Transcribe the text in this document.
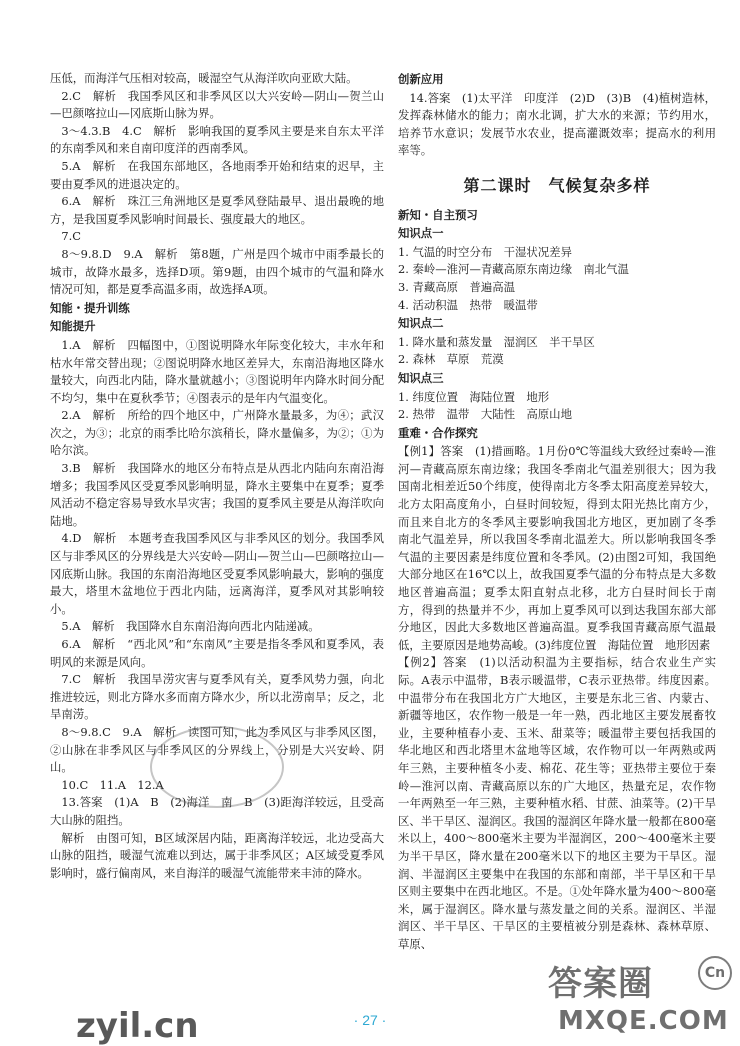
压低，而海洋气压相对较高，暖湿空气从海洋吹向亚欧大陆。

2.C　解析　我国季风区和非季风区以大兴安岭—阴山—贺兰山—巴颜喀拉山—冈底斯山脉为界。

3～4.3.B　4.C　解析　影响我国的夏季风主要是来自东太平洋的东南季风和来自南印度洋的西南季风。

5.A　解析　在我国东部地区，各地雨季开始和结束的迟早，主要由夏季风的进退决定的。

6.A　解析　珠江三角洲地区是夏季风登陆最早、退出最晚的地方，是我国夏季风影响时间最长、强度最大的地区。

7.C

8～9.8.D　9.A　解析　第8题，广州是四个城市中雨季最长的城市，故降水最多，选择D项。第9题，由四个城市的气温和降水情况可知，都是夏季高温多雨，故选择A项。

知能・提升训练

知能提升

1.A　解析　四幅图中，①图说明降水年际变化较大，丰水年和枯水年常交替出现；②图说明降水地区差异大，东南沿海地区降水量较大，向西北内陆，降水量就越小；③图说明年内降水时间分配不均匀，集中在夏秋季节；④图表示的是年内气温变化。

2.A　解析　所给的四个地区中，广州降水量最多，为④；武汉次之，为③；北京的雨季比哈尔滨稍长，降水量偏多，为②；①为哈尔滨。

3.B　解析　我国降水的地区分布特点是从西北内陆向东南沿海增多；我国季风区受夏季风影响明显，降水主要集中在夏季；夏季风活动不稳定容易导致水旱灾害；我国的夏季风主要是从海洋吹向陆地。

4.D　解析　本题考查我国季风区与非季风区的划分。我国季风区与非季风区的分界线是大兴安岭—阴山—贺兰山—巴颜喀拉山—冈底斯山脉。我国的东南沿海地区受夏季风影响最大，影响的强度最大，塔里木盆地位于西北内陆，远离海洋，夏季风对其影响较小。

5.A　解析　我国降水自东南沿海向西北内陆递减。

6.A　解析　“西北风”和“东南风”主要是指冬季风和夏季风，表明风的来源是风向。

7.C　解析　我国旱涝灾害与夏季风有关，夏季风势力强，向北推进较远，则北方降水多而南方降水少，所以北涝南旱；反之，北旱南涝。

8～9.8.C　9.A　解析　读图可知，此为季风区与非季风区图，②山脉在非季风区与非季风区的分界线上，分别是大兴安岭、阴山。

10.C　11.A　12.A

13.答案　(1)A　B　(2)海洋　南　B　(3)距海洋较远，且受高大山脉的阻挡。

解析　由图可知，B区域深居内陆，距离海洋较远，北边受高大山脉的阻挡，暖湿气流难以到达，属于非季风区；A区域受夏季风影响时，盛行偏南风，来自海洋的暖湿气流能带来丰沛的降水。

创新应用

14.答案　(1)太平洋　印度洋　(2)D　(3)B　(4)植树造林，发挥森林储水的能力；南水北调，扩大水的来源；节约用水，培养节水意识；发展节水农业，提高灌溉效率；提高水的利用率等。

第二课时　气候复杂多样

新知・自主预习

知识点一

1. 气温的时空分布　干湿状况差异

2. 秦岭—淮河—青藏高原东南边缘　南北气温

3. 青藏高原　普遍高温

4. 活动积温　热带　暖温带

知识点二

1. 降水量和蒸发量　湿润区　半干旱区

2. 森林　草原　荒漠

知识点三

1. 纬度位置　海陆位置　地形

2. 热带　温带　大陆性　高原山地

重难・合作探究

【例1】答案　(1)措画略。1月份0℃等温线大致经过秦岭—淮河—青藏高原东南边缘；我国冬季南北气温差别很大；因为我国南北相差近50个纬度，使得南北方冬季太阳高度差异较大，北方太阳高度角小，白昼时间较短，得到太阳光热比南方少，而且来自北方的冬季风主要影响我国北方地区，更加剧了冬季南北气温差异，所以我国冬季南北温差大。所以影响我国冬季气温的主要因素是纬度位置和冬季风。(2)由图2可知，我国绝大部分地区在16℃以上，故我国夏季气温的分布特点是大多数地区普遍高温；夏季太阳直射点北移，北方白昼时间长于南方，得到的热量并不少，再加上夏季风可以到达我国东部大部分地区，因此大多数地区普遍高温。夏季我国青藏高原气温最低，主要原因是地势高峻。(3)纬度位置　海陆位置　地形因素

【例2】答案　(1)以活动积温为主要指标，结合农业生产实际。A表示中温带，B表示暖温带，C表示亚热带。纬度因素。中温带分布在我国北方广大地区，主要是东北三省、内蒙古、新疆等地区，农作物一般是一年一熟，西北地区主要发展畜牧业，主要种植春小麦、玉米、甜菜等；暖温带主要包括我国的华北地区和西北塔里木盆地等区域，农作物可以一年两熟或两年三熟，主要种植冬小麦、棉花、花生等；亚热带主要位于秦岭—淮河以南、青藏高原以东的广大地区，热量充足，农作物一年两熟至一年三熟，主要种植水稻、甘蔗、油菜等。(2)干旱区、半干旱区、湿润区。我国的湿润区年降水量一般都在800毫米以上，400～800毫米主要为半湿润区，200～400毫米主要为半干旱区，降水量在200毫米以下的地区主要为干旱区。湿润、半湿润区主要集中在我国的东部和南部，半干旱区和干旱区则主要集中在西北地区。不是。①处年降水量为400～800毫米，属于湿润区。降水量与蒸发量之间的关系。湿润区、半湿润区、半干旱区、干旱区的主要植被分别是森林、森林草原、草原、

· 27 ·
zyil.cn
答案圈	Cn
MXQE.COM
